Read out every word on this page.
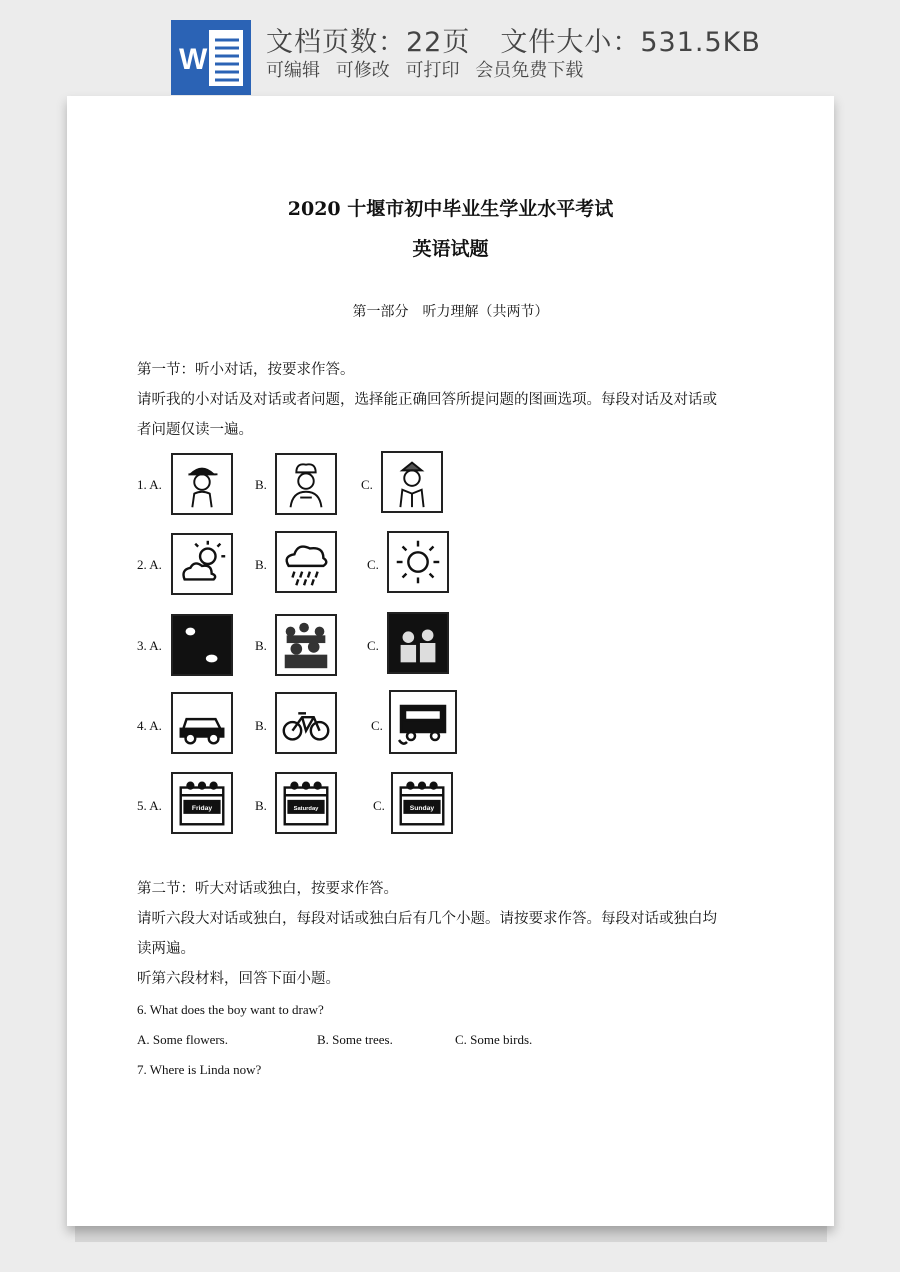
W
文档页数：22页 文件大小：531.5KB
可编辑 可修改 可打印 会员免费下载
2020 十堰市初中毕业生学业水平考试
英语试题
第一部分　听力理解（共两节）
第一节：听小对话，按要求作答。
请听我的小对话及对话或者问题，选择能正确回答所提问题的图画选项。每段对话及对话或
者问题仅读一遍。
1. A.	B.	C.
2. A.	B.	C.
3. A.	B.	C.
4. A.	B.	C.
5. A.	Friday	B.	Saturday	C.	Sunday
第二节：听大对话或独白，按要求作答。
请听六段大对话或独白，每段对话或独白后有几个小题。请按要求作答。每段对话或独白均
读两遍。
听第六段材料，回答下面小题。
6. What does the boy want to draw?
A. Some flowers.	B. Some trees.	C. Some birds.
7. Where is Linda now?
